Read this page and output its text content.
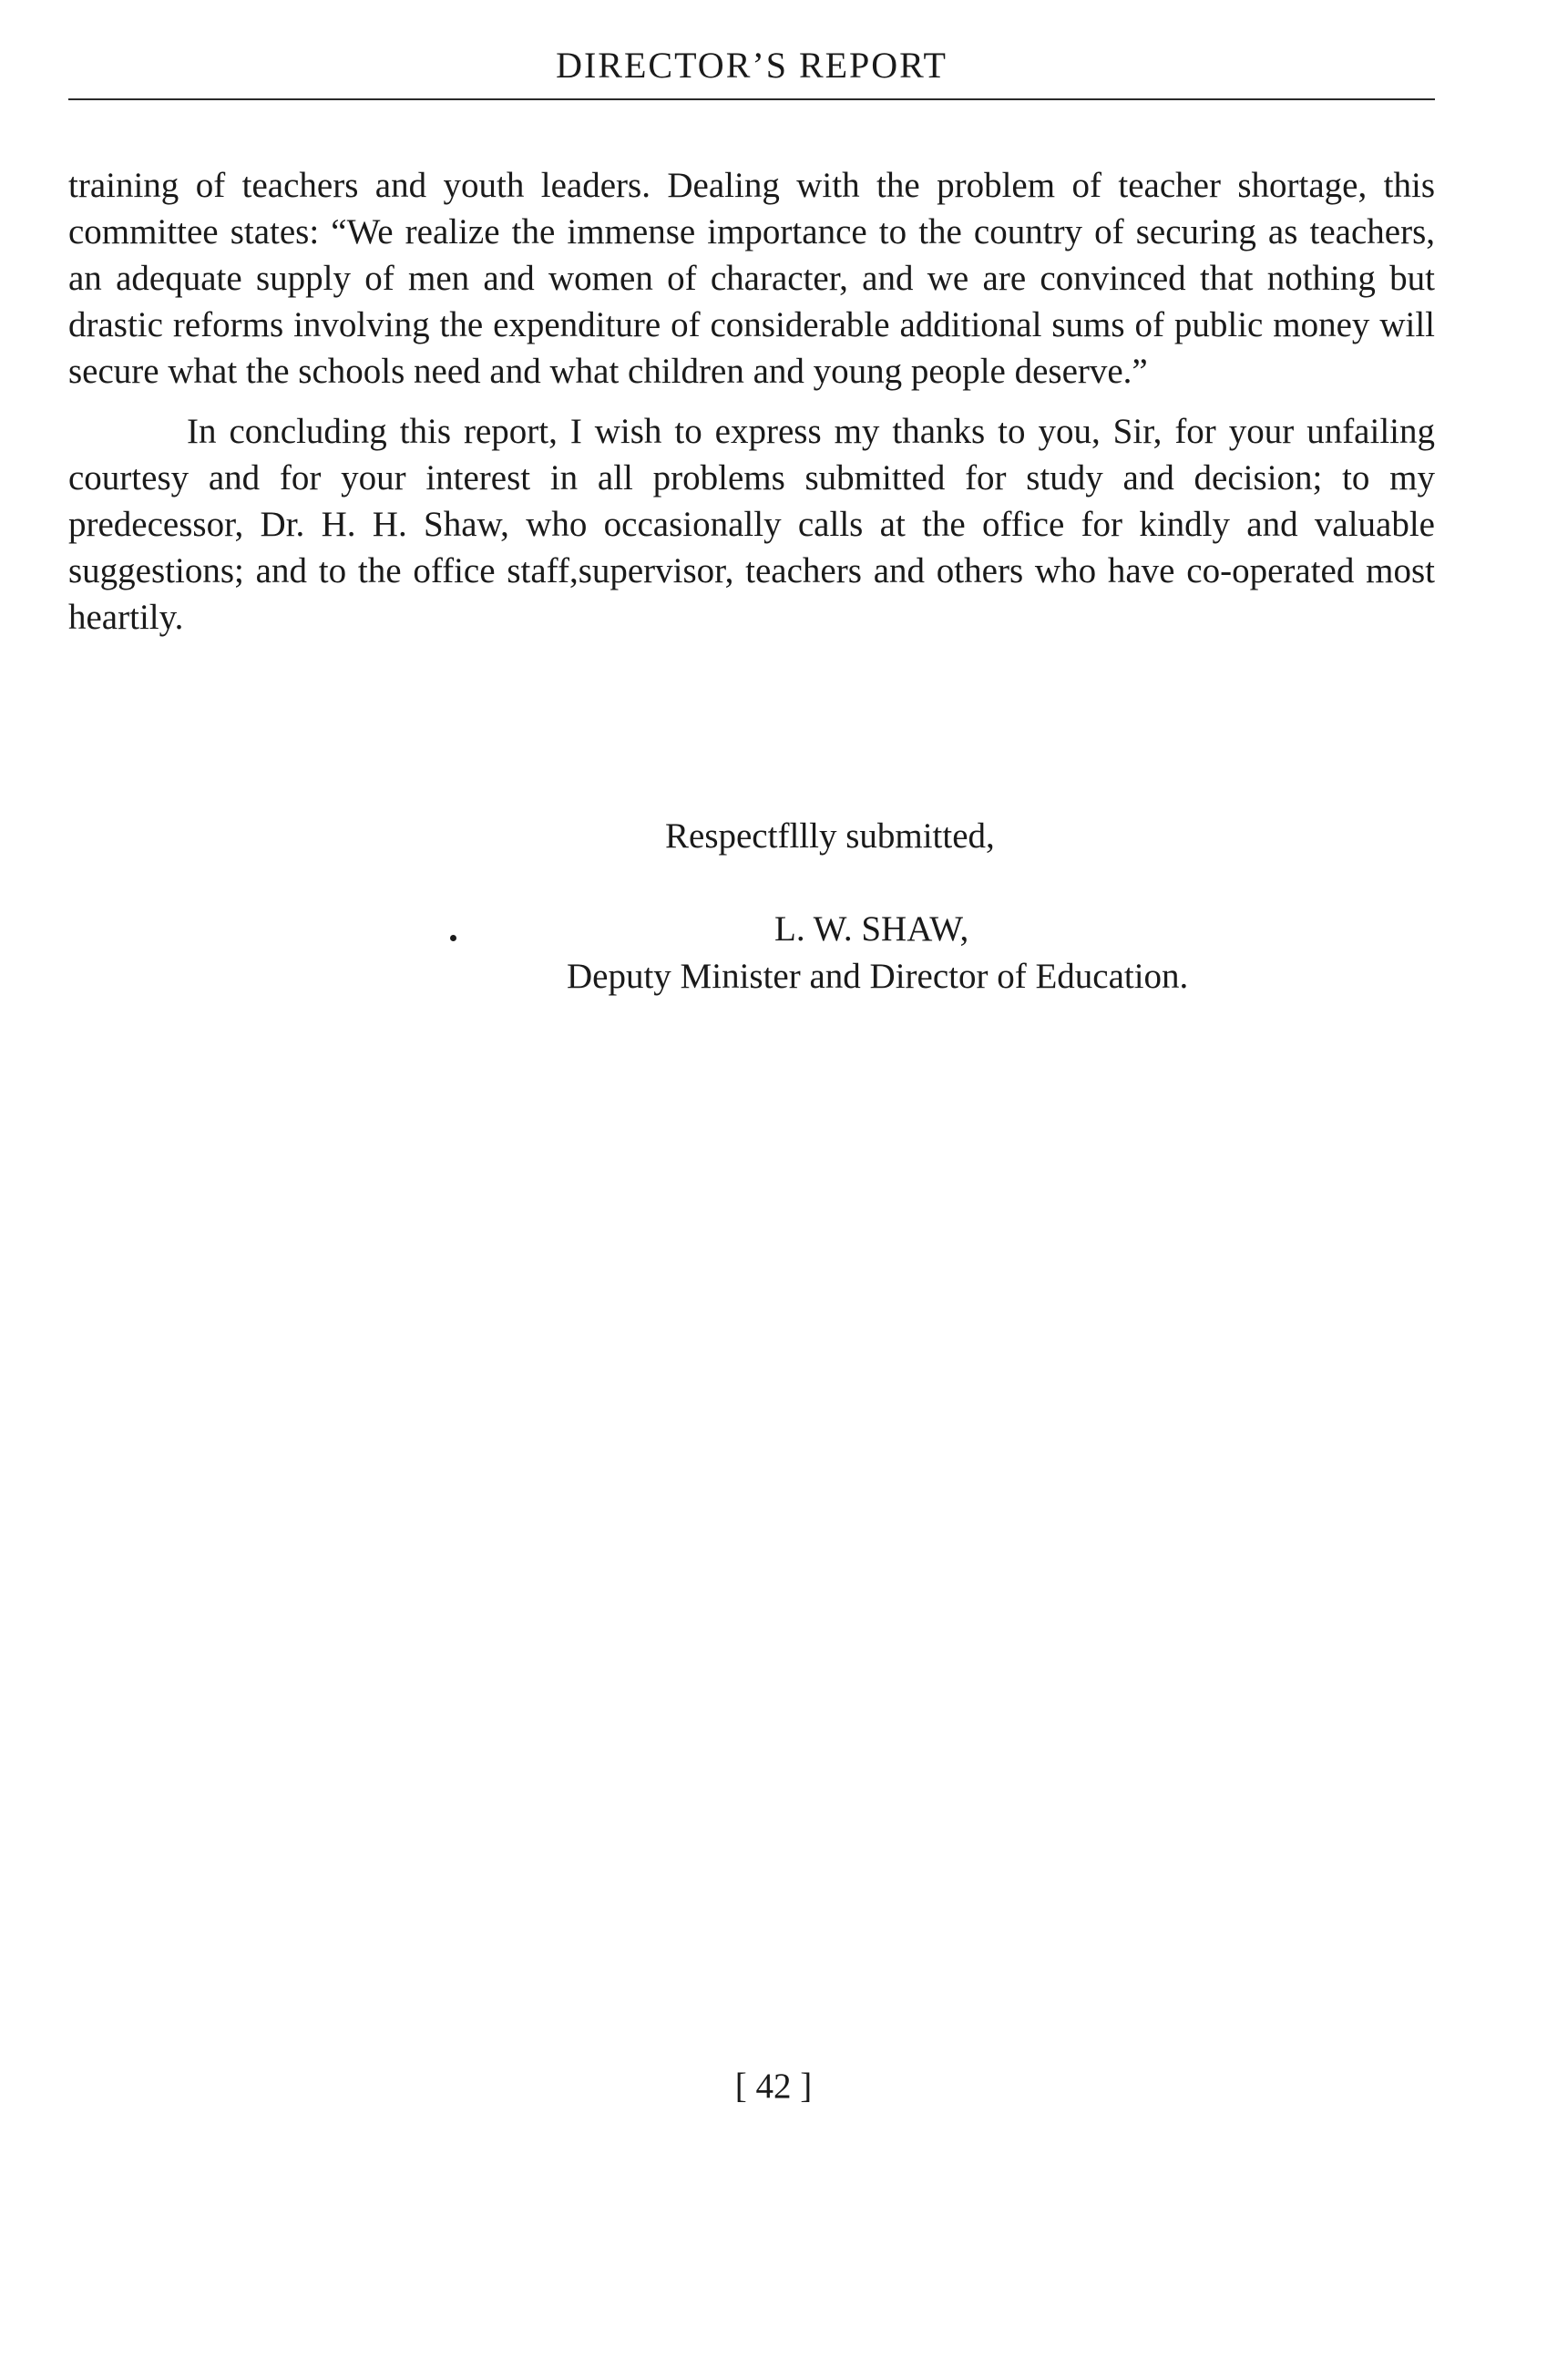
DIRECTOR’S REPORT

training of teachers and youth leaders. Dealing with the problem of teacher shortage, this committee states: “We realize the immense importance to the country of securing as teachers, an adequate supply of men and women of character, and we are convinced that nothing but drastic reforms involving the expenditure of considerable additional sums of public money will secure what the schools need and what children and young people deserve.”

In concluding this report, I wish to express my thanks to you, Sir, for your unfailing courtesy and for your interest in all problems submitted for study and decision; to my predecessor, Dr. H. H. Shaw, who occasionally calls at the office for kindly and valuable suggestions; and to the office staff,supervisor, teachers and others who have co-operated most heartily.

Respectfllly submitted,
L. W. SHAW,
Deputy Minister and Director of Education.
[ 42 ]
